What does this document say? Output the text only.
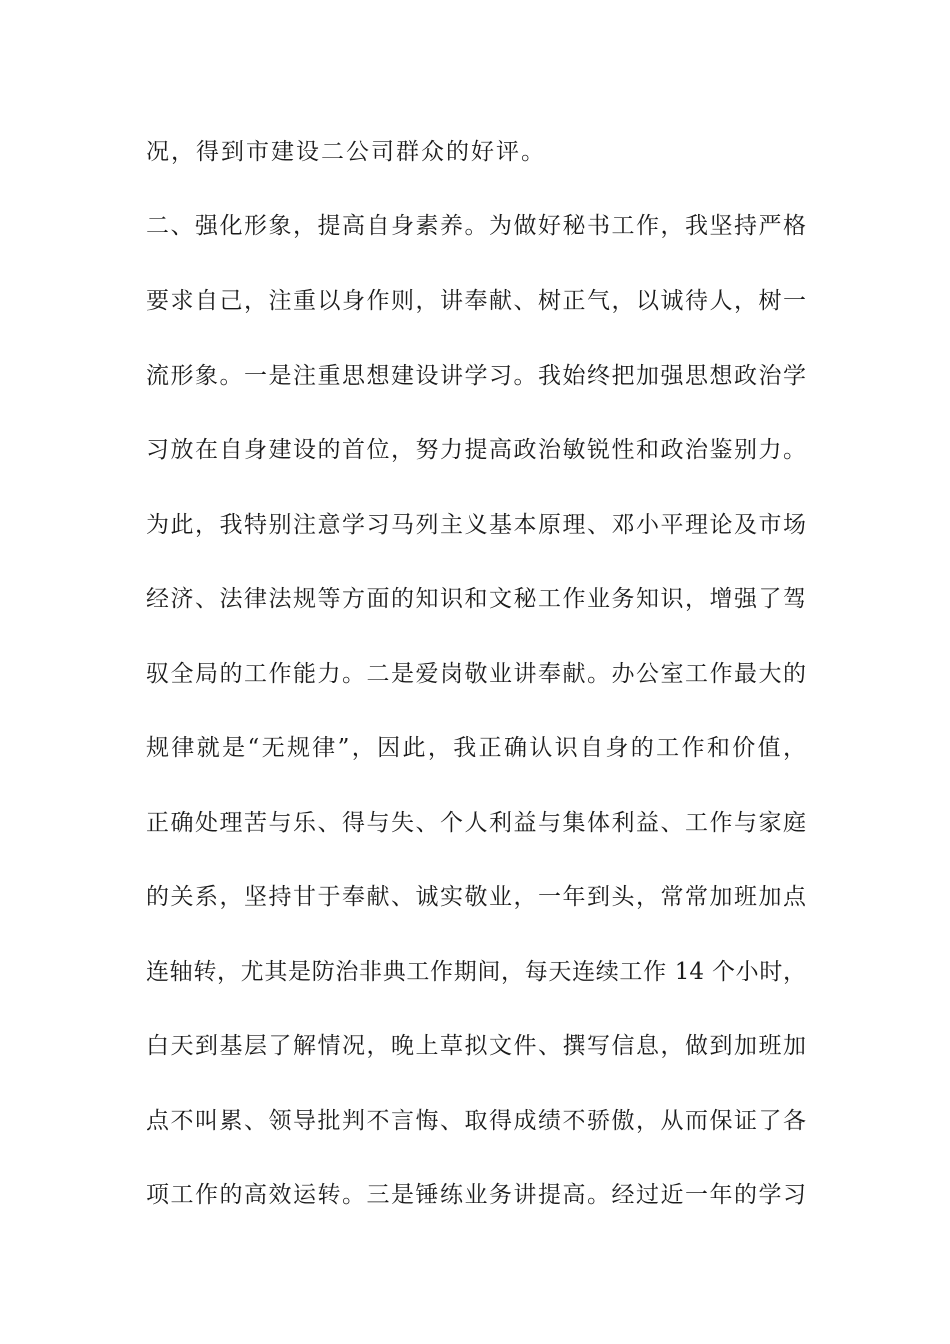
况，得到市建设二公司群众的好评。
二、强化形象，提高自身素养。为做好秘书工作，我坚持严格
要求自己，注重以身作则，讲奉献、树正气，以诚待人，树一
流形象。一是注重思想建设讲学习。我始终把加强思想政治学
习放在自身建设的首位，努力提高政治敏锐性和政治鉴别力。
为此，我特别注意学习马列主义基本原理、邓小平理论及市场
经济、法律法规等方面的知识和文秘工作业务知识，增强了驾
驭全局的工作能力。二是爱岗敬业讲奉献。办公室工作最大的
规律就是“无规律”，因此，我正确认识自身的工作和价值，
正确处理苦与乐、得与失、个人利益与集体利益、工作与家庭
的关系，坚持甘于奉献、诚实敬业，一年到头，常常加班加点
连轴转，尤其是防治非典工作期间，每天连续工作 14 个小时，
白天到基层了解情况，晚上草拟文件、撰写信息，做到加班加
点不叫累、领导批判不言悔、取得成绩不骄傲，从而保证了各
项工作的高效运转。三是锤练业务讲提高。经过近一年的学习
